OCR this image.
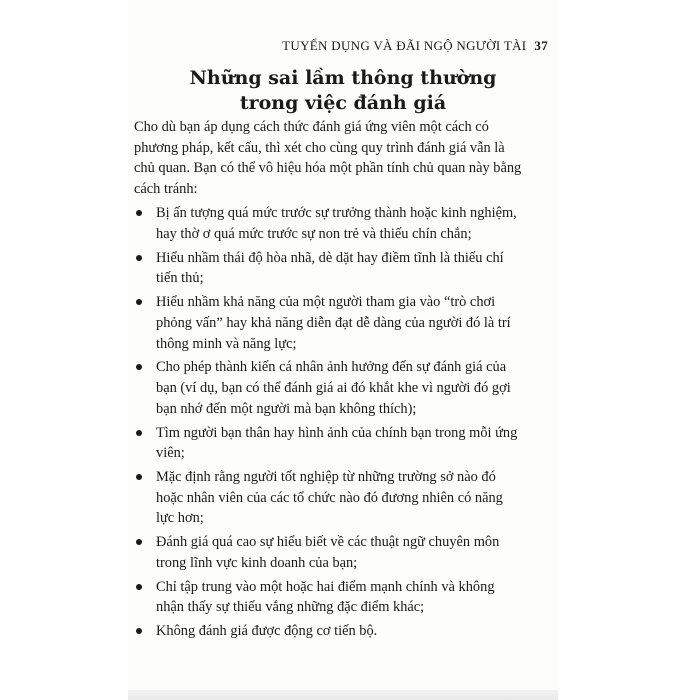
TUYỂN DỤNG VÀ ĐÃI NGỘ NGƯỜI TÀI 37
Những sai lầm thông thường
trong việc đánh giá

Cho dù bạn áp dụng cách thức đánh giá ứng viên một cách có phương pháp, kết cấu, thì xét cho cùng quy trình đánh giá vẫn là chủ quan. Bạn có thể vô hiệu hóa một phần tính chủ quan này bằng cách tránh:

Bị ấn tượng quá mức trước sự trưởng thành hoặc kinh nghiệm, hay thờ ơ quá mức trước sự non trẻ và thiếu chín chắn;
Hiểu nhầm thái độ hòa nhã, dè dặt hay điềm tĩnh là thiếu chí tiến thủ;
Hiểu nhầm khả năng của một người tham gia vào “trò chơi phỏng vấn” hay khả năng diễn đạt dễ dàng của người đó là trí thông minh và năng lực;
Cho phép thành kiến cá nhân ảnh hưởng đến sự đánh giá của bạn (ví dụ, bạn có thể đánh giá ai đó khắt khe vì người đó gợi bạn nhớ đến một người mà bạn không thích);
Tìm người bạn thân hay hình ảnh của chính bạn trong mỗi ứng viên;
Mặc định rằng người tốt nghiệp từ những trường sở nào đó hoặc nhân viên của các tổ chức nào đó đương nhiên có năng lực hơn;
Đánh giá quá cao sự hiểu biết về các thuật ngữ chuyên môn trong lĩnh vực kinh doanh của bạn;
Chỉ tập trung vào một hoặc hai điểm mạnh chính và không nhận thấy sự thiếu vắng những đặc điểm khác;
Không đánh giá được động cơ tiến bộ.
